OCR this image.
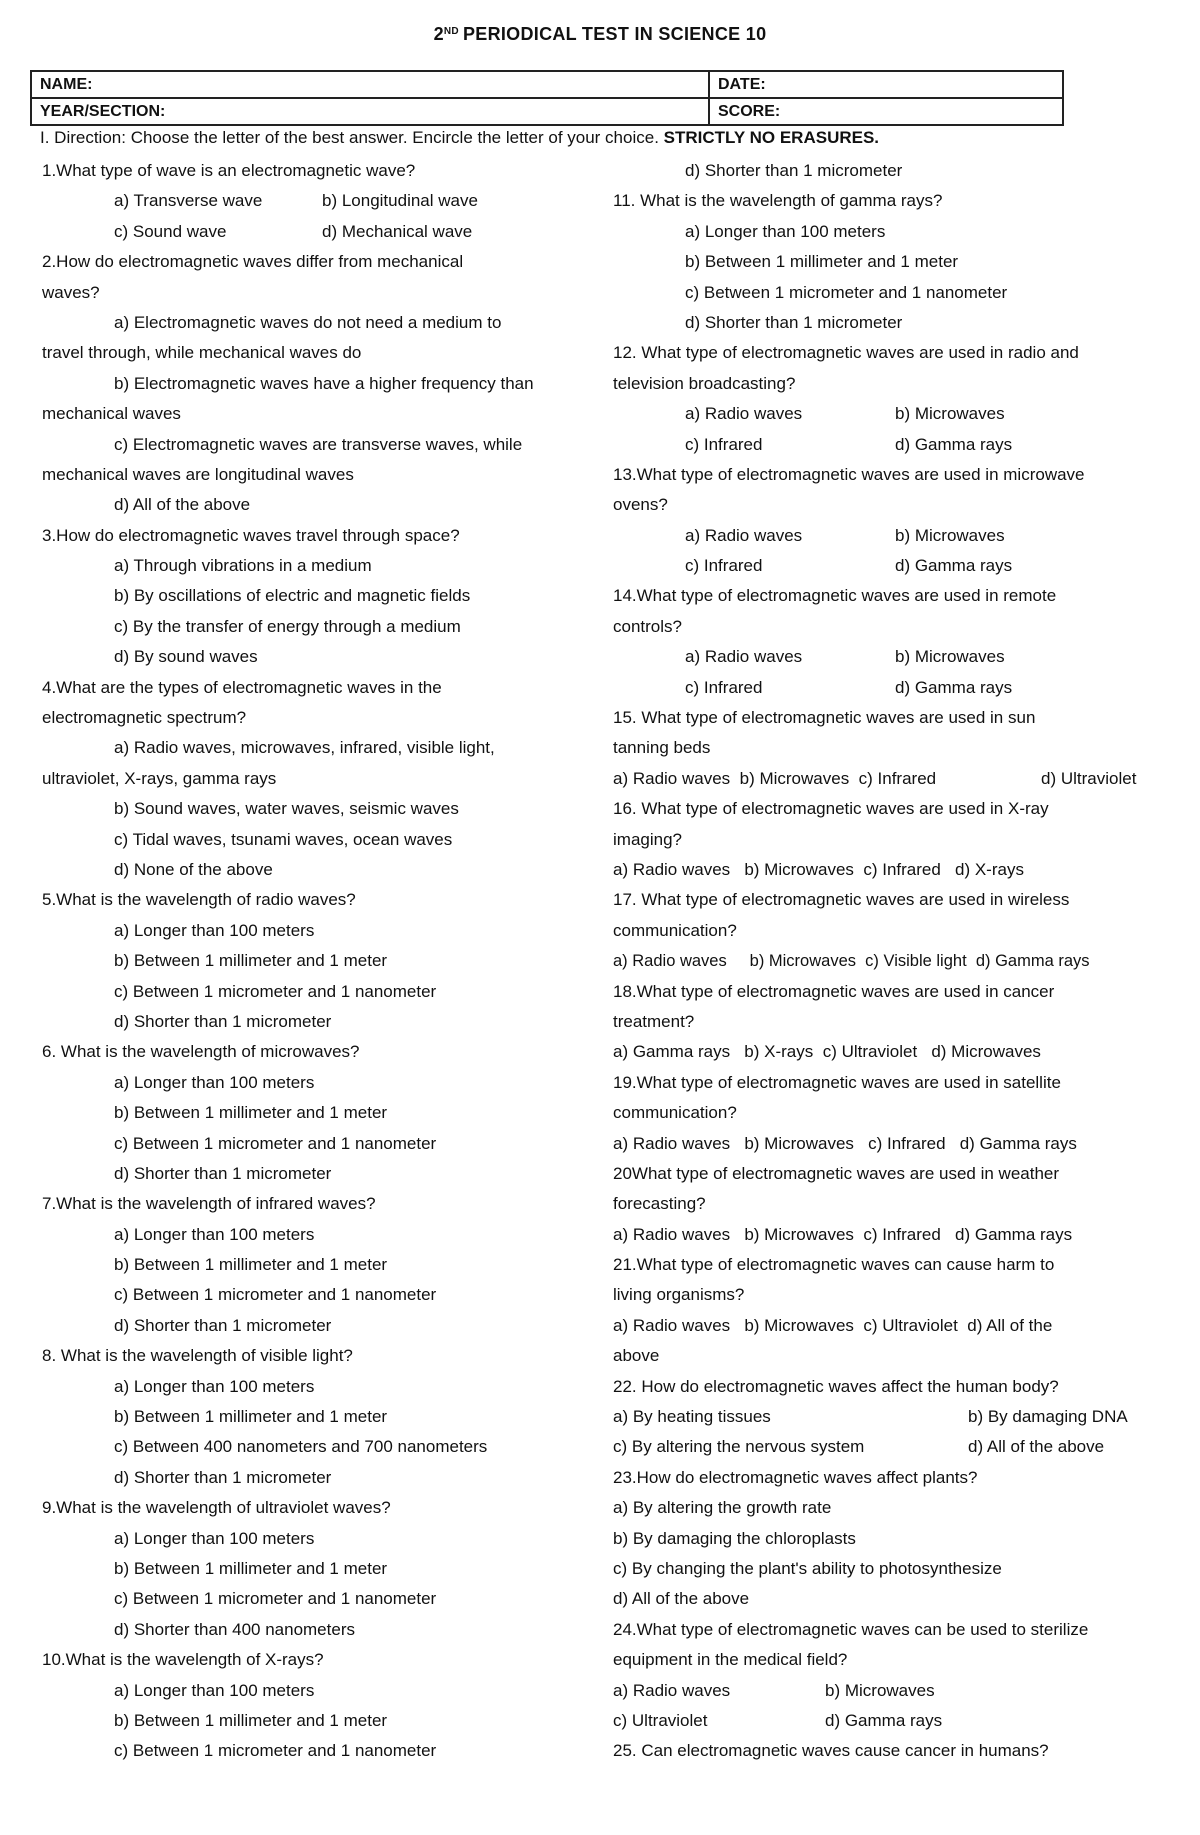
2ND PERIODICAL TEST IN SCIENCE 10
NAME:	DATE:
YEAR/SECTION:	SCORE:
I. Direction: Choose the letter of the best answer. Encircle the letter of your choice. STRICTLY NO ERASURES.
1.What type of wave is an electromagnetic wave?
a) Transverse wave	b) Longitudinal wave
c) Sound wave	d) Mechanical wave
2.How do electromagnetic waves differ from mechanical
waves?
a) Electromagnetic waves do not need a medium to
travel through, while mechanical waves do
b) Electromagnetic waves have a higher frequency than
mechanical waves
c) Electromagnetic waves are transverse waves, while
mechanical waves are longitudinal waves
d) All of the above
3.How do electromagnetic waves travel through space?
a) Through vibrations in a medium
b) By oscillations of electric and magnetic fields
c) By the transfer of energy through a medium
d) By sound waves
4.What are the types of electromagnetic waves in the
electromagnetic spectrum?
a) Radio waves, microwaves, infrared, visible light,
ultraviolet, X-rays, gamma rays
b) Sound waves, water waves, seismic waves
c) Tidal waves, tsunami waves, ocean waves
d) None of the above
5.What is the wavelength of radio waves?
a) Longer than 100 meters
b) Between 1 millimeter and 1 meter
c) Between 1 micrometer and 1 nanometer
d) Shorter than 1 micrometer
6. What is the wavelength of microwaves?
a) Longer than 100 meters
b) Between 1 millimeter and 1 meter
c) Between 1 micrometer and 1 nanometer
d) Shorter than 1 micrometer
7.What is the wavelength of infrared waves?
a) Longer than 100 meters
b) Between 1 millimeter and 1 meter
c) Between 1 micrometer and 1 nanometer
d) Shorter than 1 micrometer
8. What is the wavelength of visible light?
a) Longer than 100 meters
b) Between 1 millimeter and 1 meter
c) Between 400 nanometers and 700 nanometers
d) Shorter than 1 micrometer
9.What is the wavelength of ultraviolet waves?
a) Longer than 100 meters
b) Between 1 millimeter and 1 meter
c) Between 1 micrometer and 1 nanometer
d) Shorter than 400 nanometers
10.What is the wavelength of X-rays?
a) Longer than 100 meters
b) Between 1 millimeter and 1 meter
c) Between 1 micrometer and 1 nanometer
d) Shorter than 1 micrometer
11. What is the wavelength of gamma rays?
a) Longer than 100 meters
b) Between 1 millimeter and 1 meter
c) Between 1 micrometer and 1 nanometer
d) Shorter than 1 micrometer
12. What type of electromagnetic waves are used in radio and
television broadcasting?
a) Radio waves	b) Microwaves
c) Infrared	d) Gamma rays
13.What type of electromagnetic waves are used in microwave
ovens?
a) Radio waves	b) Microwaves
c) Infrared	d) Gamma rays
14.What type of electromagnetic waves are used in remote
controls?
a) Radio waves	b) Microwaves
c) Infrared	d) Gamma rays
15. What type of electromagnetic waves are used in sun
tanning beds
a) Radio waves  b) Microwaves  c) Infrared	d) Ultraviolet
16. What type of electromagnetic waves are used in X-ray
imaging?
a) Radio waves   b) Microwaves  c) Infrared   d) X-rays
17. What type of electromagnetic waves are used in wireless
communication?
a) Radio waves     b) Microwaves  c) Visible light  d) Gamma rays
18.What type of electromagnetic waves are used in cancer
treatment?
a) Gamma rays   b) X-rays  c) Ultraviolet   d) Microwaves
19.What type of electromagnetic waves are used in satellite
communication?
a) Radio waves   b) Microwaves   c) Infrared   d) Gamma rays
20What type of electromagnetic waves are used in weather
forecasting?
a) Radio waves   b) Microwaves  c) Infrared   d) Gamma rays
21.What type of electromagnetic waves can cause harm to
living organisms?
a) Radio waves   b) Microwaves  c) Ultraviolet  d) All of the
above
22. How do electromagnetic waves affect the human body?
a) By heating tissues	b) By damaging DNA
c) By altering the nervous system	d) All of the above
23.How do electromagnetic waves affect plants?
a) By altering the growth rate
b) By damaging the chloroplasts
c) By changing the plant's ability to photosynthesize
d) All of the above
24.What type of electromagnetic waves can be used to sterilize
equipment in the medical field?
a) Radio waves	b) Microwaves
c) Ultraviolet	d) Gamma rays
25. Can electromagnetic waves cause cancer in humans?
